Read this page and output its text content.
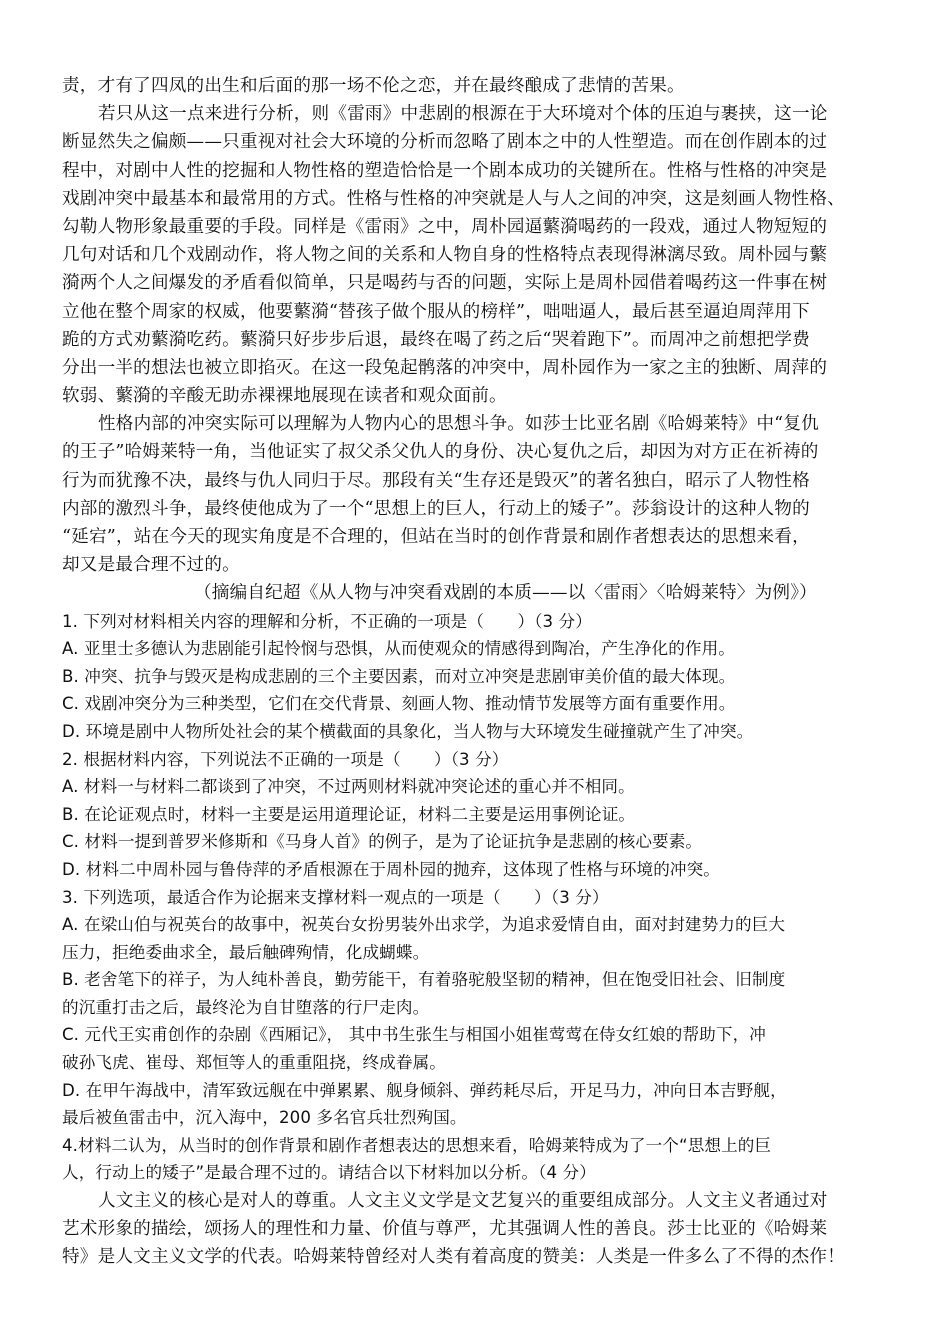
责，才有了四凤的出生和后面的那一场不伦之恋，并在最终酿成了悲情的苦果。
若只从这一点来进行分析，则《雷雨》中悲剧的根源在于大环境对个体的压迫与裹挟，这一论
断显然失之偏颇——只重视对社会大环境的分析而忽略了剧本之中的人性塑造。而在创作剧本的过
程中，对剧中人性的挖掘和人物性格的塑造恰恰是一个剧本成功的关键所在。性格与性格的冲突是
戏剧冲突中最基本和最常用的方式。性格与性格的冲突就是人与人之间的冲突，这是刻画人物性格、
勾勒人物形象最重要的手段。同样是《雷雨》之中，周朴园逼蘩漪喝药的一段戏，通过人物短短的
几句对话和几个戏剧动作，将人物之间的关系和人物自身的性格特点表现得淋漓尽致。周朴园与蘩
漪两个人之间爆发的矛盾看似简单，只是喝药与否的问题，实际上是周朴园借着喝药这一件事在树
立他在整个周家的权威，他要蘩漪“替孩子做个服从的榜样”，咄咄逼人，最后甚至逼迫周萍用下
跪的方式劝蘩漪吃药。蘩漪只好步步后退，最终在喝了药之后“哭着跑下”。而周冲之前想把学费
分出一半的想法也被立即掐灭。在这一段兔起鹘落的冲突中，周朴园作为一家之主的独断、周萍的
软弱、蘩漪的辛酸无助赤裸裸地展现在读者和观众面前。
性格内部的冲突实际可以理解为人物内心的思想斗争。如莎士比亚名剧《哈姆莱特》中“复仇
的王子”哈姆莱特一角，当他证实了叔父杀父仇人的身份、决心复仇之后，却因为对方正在祈祷的
行为而犹豫不决，最终与仇人同归于尽。那段有关“生存还是毁灭”的著名独白，昭示了人物性格
内部的激烈斗争，最终使他成为了一个“思想上的巨人，行动上的矮子”。莎翁设计的这种人物的
“延宕”，站在今天的现实角度是不合理的，但站在当时的创作背景和剧作者想表达的思想来看，
却又是最合理不过的。
（摘编自纪超《从人物与冲突看戏剧的本质——以〈雷雨〉〈哈姆莱特〉为例》）
1. 下列对材料相关内容的理解和分析，不正确的一项是（　　）（3 分）
A. 亚里士多德认为悲剧能引起怜悯与恐惧，从而使观众的情感得到陶冶，产生净化的作用。
B. 冲突、抗争与毁灭是构成悲剧的三个主要因素，而对立冲突是悲剧审美价值的最大体现。
C. 戏剧冲突分为三种类型，它们在交代背景、刻画人物、推动情节发展等方面有重要作用。
D. 环境是剧中人物所处社会的某个横截面的具象化，当人物与大环境发生碰撞就产生了冲突。
2. 根据材料内容，下列说法不正确的一项是（　　）（3 分）
A. 材料一与材料二都谈到了冲突，不过两则材料就冲突论述的重心并不相同。
B. 在论证观点时，材料一主要是运用道理论证，材料二主要是运用事例论证。
C. 材料一提到普罗米修斯和《马身人首》的例子，是为了论证抗争是悲剧的核心要素。
D. 材料二中周朴园与鲁侍萍的矛盾根源在于周朴园的抛弃，这体现了性格与环境的冲突。
3. 下列选项，最适合作为论据来支撑材料一观点的一项是（　　）（3 分）
A. 在梁山伯与祝英台的故事中，祝英台女扮男装外出求学，为追求爱情自由，面对封建势力的巨大
压力，拒绝委曲求全，最后触碑殉情，化成蝴蝶。
B. 老舍笔下的祥子，为人纯朴善良，勤劳能干，有着骆驼般坚韧的精神，但在饱受旧社会、旧制度
的沉重打击之后，最终沦为自甘堕落的行尸走肉。
C. 元代王实甫创作的杂剧《西厢记》， 其中书生张生与相国小姐崔莺莺在侍女红娘的帮助下，冲
破孙飞虎、崔母、郑恒等人的重重阻挠，终成眷属。
D. 在甲午海战中，清军致远舰在中弹累累、舰身倾斜、弹药耗尽后，开足马力，冲向日本吉野舰，
最后被鱼雷击中，沉入海中，200 多名官兵壮烈殉国。
4.材料二认为，从当时的创作背景和剧作者想表达的思想来看，哈姆莱特成为了一个“思想上的巨
人，行动上的矮子”是最合理不过的。请结合以下材料加以分析。（4 分）
人文主义的核心是对人的尊重。人文主义文学是文艺复兴的重要组成部分。人文主义者通过对
艺术形象的描绘，颂扬人的理性和力量、价值与尊严，尤其强调人性的善良。莎士比亚的《哈姆莱
特》是人文主义文学的代表。哈姆莱特曾经对人类有着高度的赞美：人类是一件多么了不得的杰作！
